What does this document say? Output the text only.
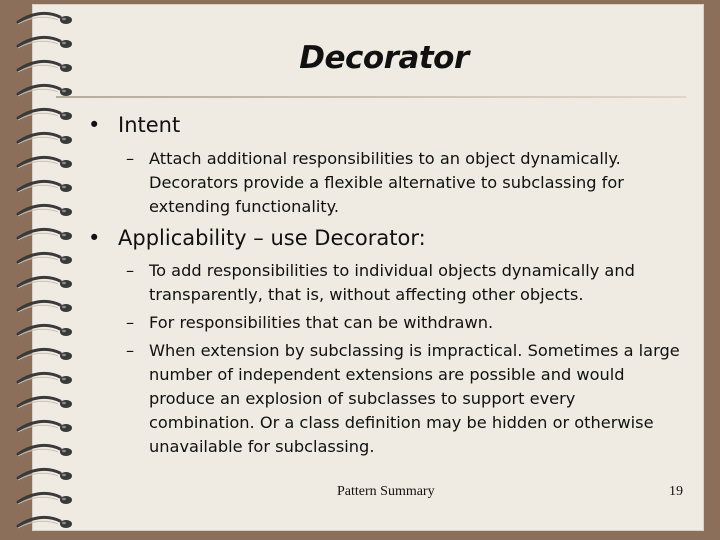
Decorator
• Intent
– Attach additional responsibilities to an object dynamically. Decorators provide a flexible alternative to subclassing for extending functionality.
• Applicability – use Decorator:
– To add responsibilities to individual objects dynamically and transparently, that is, without affecting other objects.
– For responsibilities that can be withdrawn.
– When extension by subclassing is impractical. Sometimes a large number of independent extensions are possible and would produce an explosion of subclasses to support every combination. Or a class definition may be hidden or otherwise unavailable for subclassing.
Pattern Summary	19
